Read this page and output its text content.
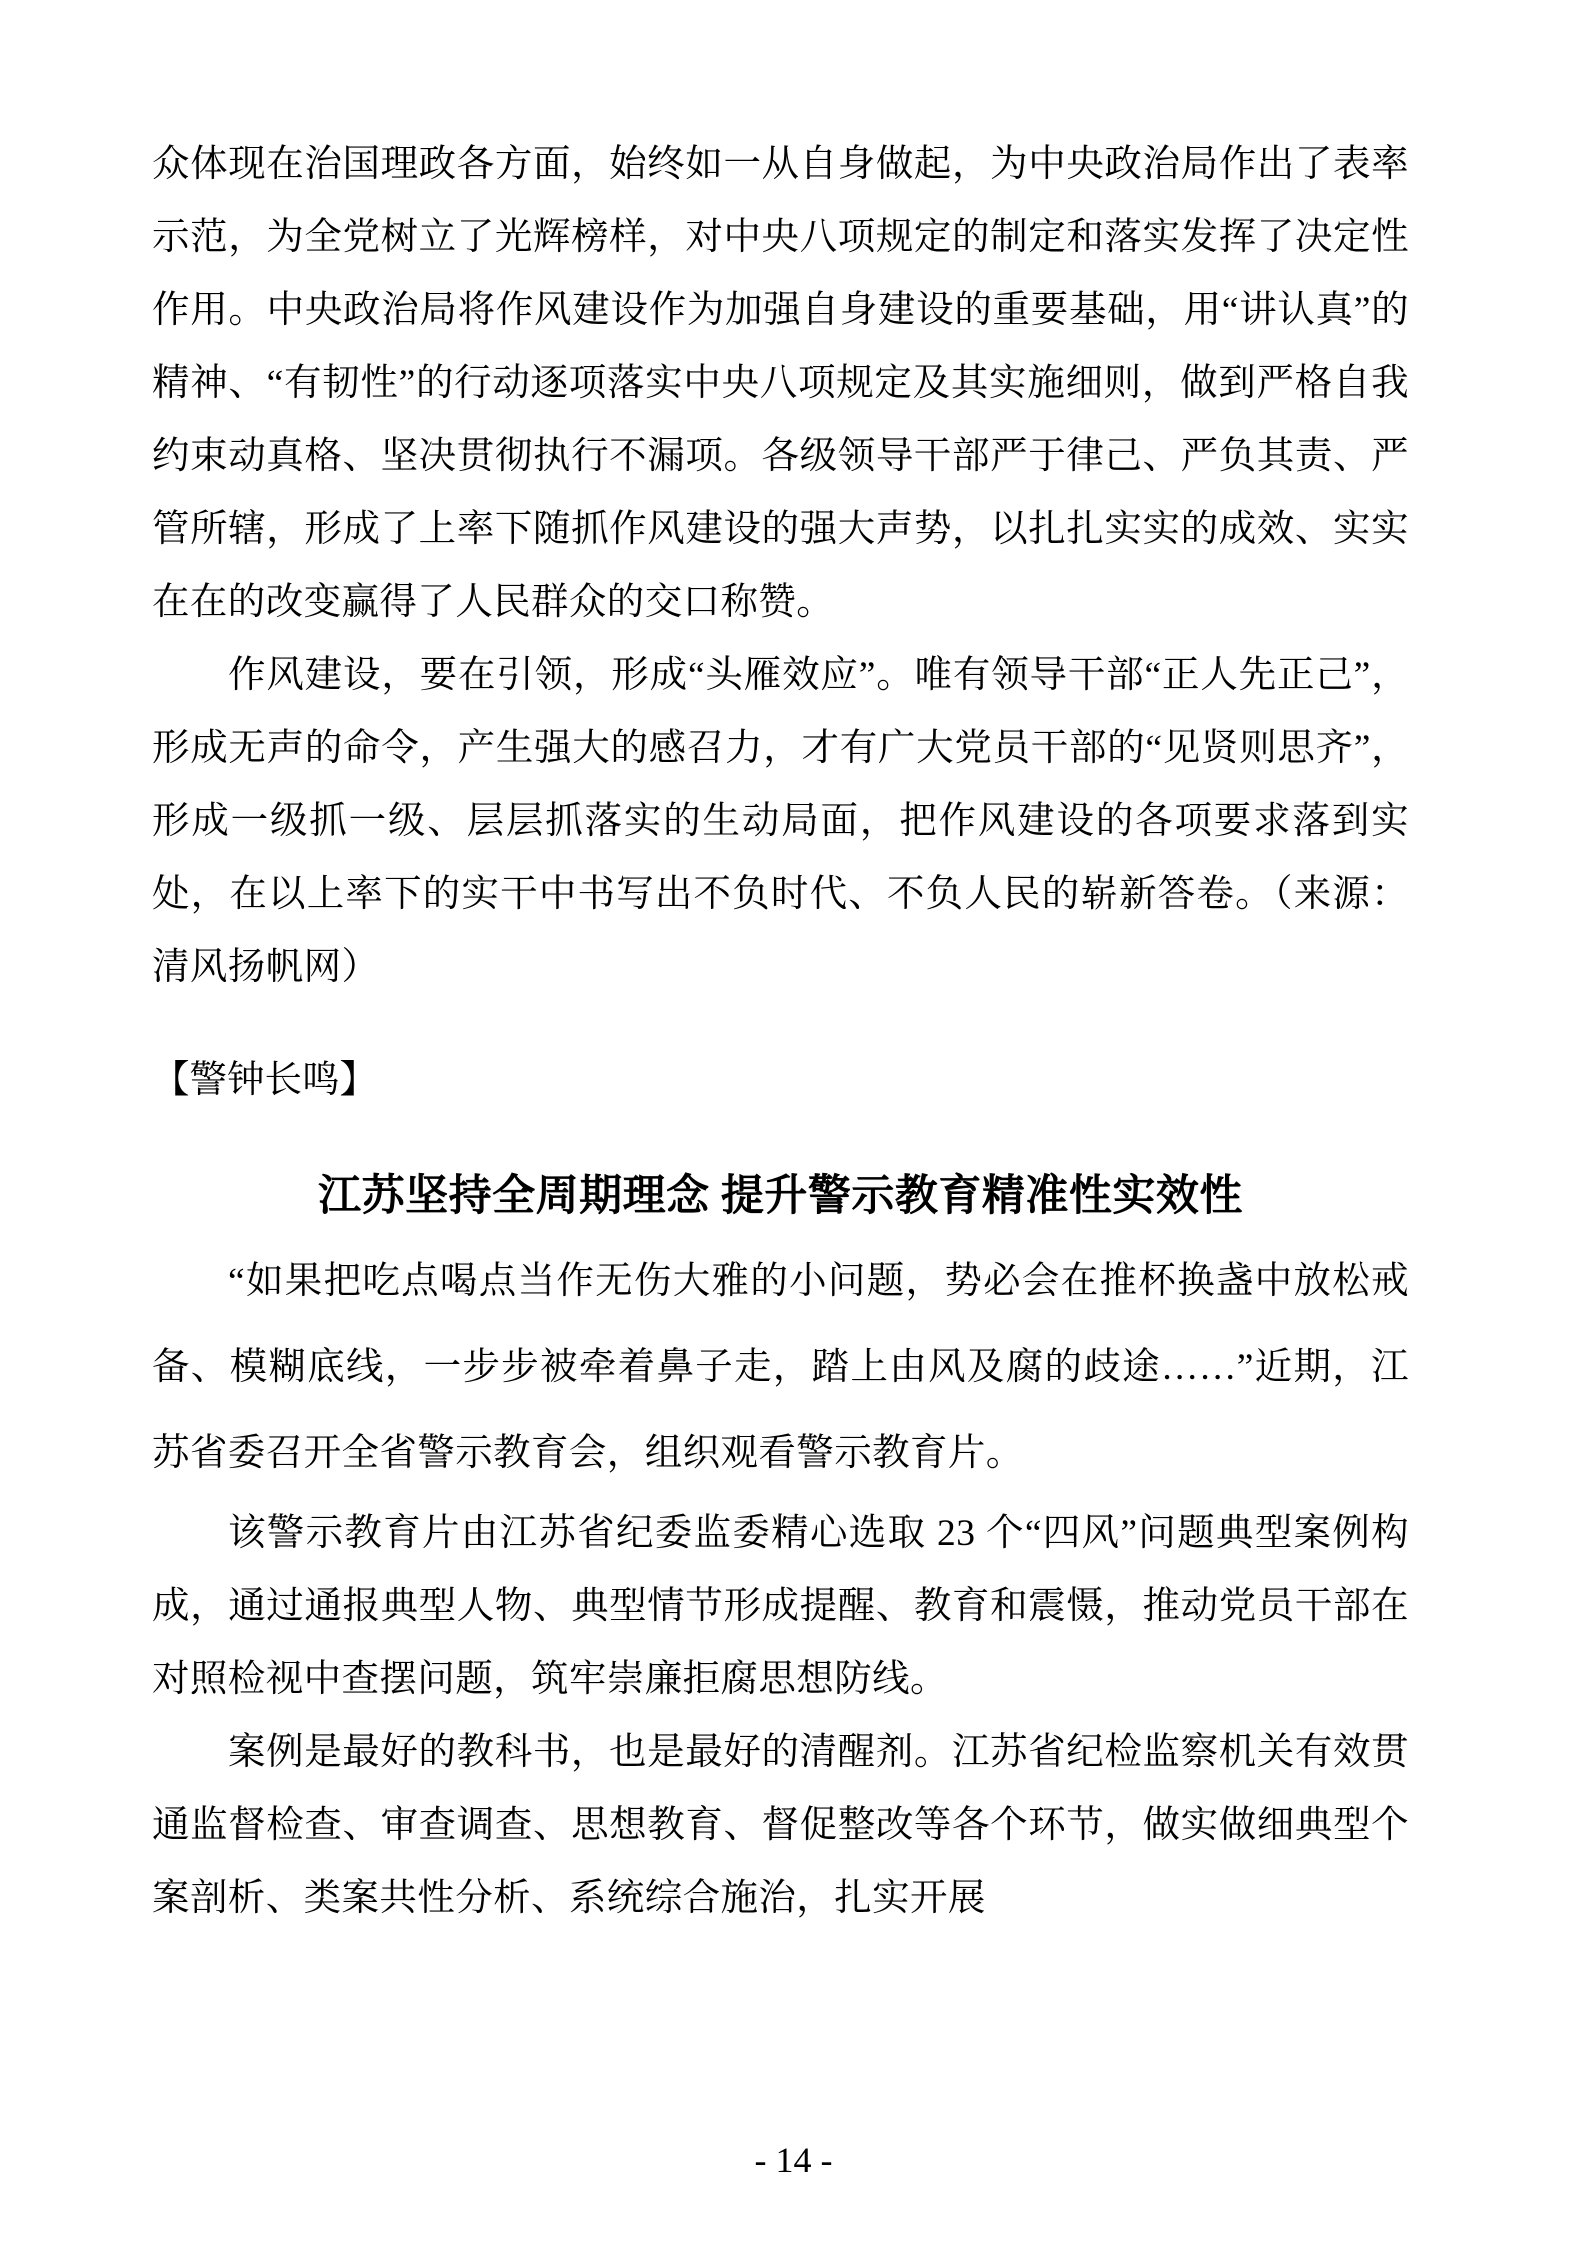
众体现在治国理政各方面，始终如一从自身做起，为中央政治局作出了表率示范，为全党树立了光辉榜样，对中央八项规定的制定和落实发挥了决定性作用。中央政治局将作风建设作为加强自身建设的重要基础，用“讲认真”的精神、“有韧性”的行动逐项落实中央八项规定及其实施细则，做到严格自我约束动真格、坚决贯彻执行不漏项。各级领导干部严于律己、严负其责、严管所辖，形成了上率下随抓作风建设的强大声势，以扎扎实实的成效、实实在在的改变赢得了人民群众的交口称赞。

作风建设，要在引领，形成“头雁效应”。唯有领导干部“正人先正己”，形成无声的命令，产生强大的感召力，才有广大党员干部的“见贤则思齐”，形成一级抓一级、层层抓落实的生动局面，把作风建设的各项要求落到实处，在以上率下的实干中书写出不负时代、不负人民的崭新答卷。（来源：清风扬帆网）

【警钟长鸣】

江苏坚持全周期理念 提升警示教育精准性实效性

“如果把吃点喝点当作无伤大雅的小问题，势必会在推杯换盏中放松戒备、模糊底线，一步步被牵着鼻子走，踏上由风及腐的歧途……”近期，江苏省委召开全省警示教育会，组织观看警示教育片。

该警示教育片由江苏省纪委监委精心选取 23 个“四风”问题典型案例构成，通过通报典型人物、典型情节形成提醒、教育和震慑，推动党员干部在对照检视中查摆问题，筑牢崇廉拒腐思想防线。

案例是最好的教科书，也是最好的清醒剂。江苏省纪检监察机关有效贯通监督检查、审查调查、思想教育、督促整改等各个环节，做实做细典型个案剖析、类案共性分析、系统综合施治，扎实开展

- 14 -
